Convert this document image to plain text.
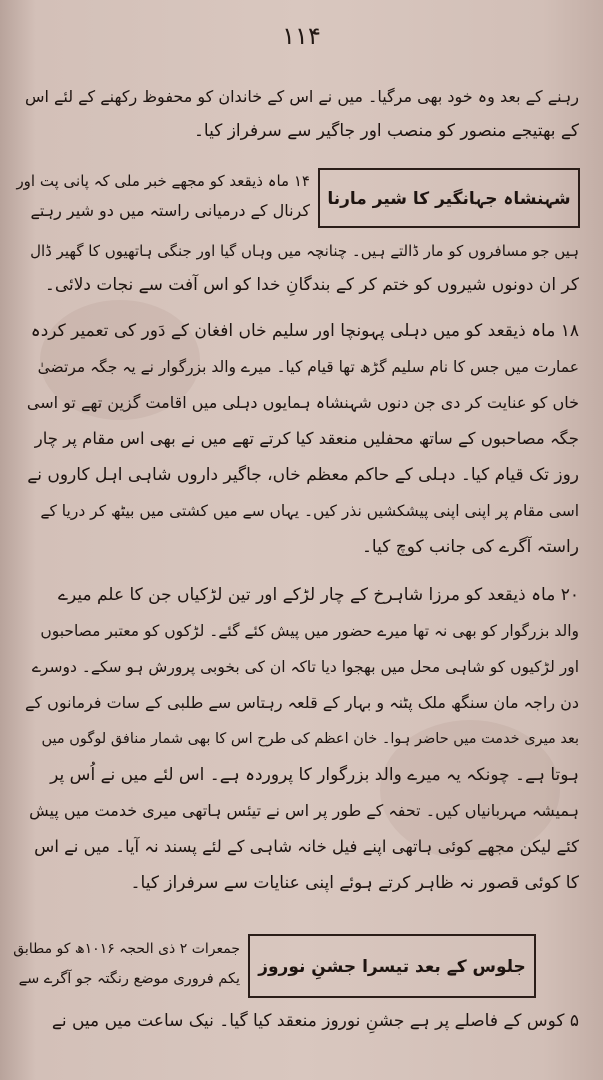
۱۱۴
رہنے کے بعد وہ خود بھی مرگیا۔ میں نے اس کے خاندان کو محفوظ رکھنے کے لئے اس
کے بھتیجے منصور کو منصب اور جاگیر سے سرفراز کیا۔
شہنشاہ جہانگیر کا شیر مارنا
۱۴ ماہ ذیقعد کو مجھے خبر ملی کہ پانی پت اور
کرنال کے درمیانی راستہ میں دو شیر رہتے
ہیں جو مسافروں کو مار ڈالتے ہیں۔ چنانچہ میں وہاں گیا اور جنگی ہاتھیوں کا گھیر ڈال
کر ان دونوں شیروں کو ختم کر کے بندگانِ خدا کو اس آفت سے نجات دلائی۔
۱۸ ماہ ذیقعد کو میں دہلی پہونچا اور سلیم خاں افغان کے دَور کی تعمیر کردہ
عمارت میں جس کا نام سلیم گڑھ تھا قیام کیا۔ میرے والد بزرگوار نے یہ جگہ مرتضیٰ
خاں کو عنایت کر دی جن دنوں شہنشاہ ہمایوں دہلی میں اقامت گزین تھے تو اسی
جگہ مصاحبوں کے ساتھ محفلیں منعقد کیا کرتے تھے میں نے بھی اس مقام پر چار
روز تک قیام کیا۔ دہلی کے حاکم معظم خاں، جاگیر داروں شاہی اہل کاروں نے
اسی مقام پر اپنی اپنی پیشکشیں نذر کیں۔ یہاں سے میں کشتی میں بیٹھ کر دریا کے
راستہ آگرے کی جانب کوچ کیا۔
۲۰ ماہ ذیقعد کو مرزا شاہرخ کے چار لڑکے اور تین لڑکیاں جن کا علم میرے
والد بزرگوار کو بھی نہ تھا میرے حضور میں پیش کئے گئے۔ لڑکوں کو معتبر مصاحبوں
اور لڑکیوں کو شاہی محل میں بھجوا دیا تاکہ ان کی بخوبی پرورش ہو سکے۔ دوسرے
دن راجہ مان سنگھ ملک پٹنہ و بہار کے قلعہ رہتاس سے طلبی کے سات فرمانوں کے
بعد میری خدمت میں حاضر ہوا۔ خان اعظم کی طرح اس کا بھی شمار منافق لوگوں میں
ہوتا ہے۔ چونکہ یہ میرے والد بزرگوار کا پروردہ ہے۔ اس لئے میں نے اُس پر
ہمیشہ مہربانیاں کیں۔ تحفہ کے طور پر اس نے تیئس ہاتھی میری خدمت میں پیش
کئے لیکن مجھے کوئی ہاتھی اپنے فیل خانہ شاہی کے لئے پسند نہ آیا۔ میں نے اس
کا کوئی قصور نہ ظاہر کرتے ہوئے اپنی عنایات سے سرفراز کیا۔
جلوس کے بعد تیسرا جشنِ نوروز
جمعرات ۲ ذی الحجہ ۱۰۱۶ھ کو مطابق
یکم فروری موضع رنگتہ جو آگرے سے
۵ کوس کے فاصلے پر ہے جشنِ نوروز منعقد کیا گیا۔ نیک ساعت میں میں نے
